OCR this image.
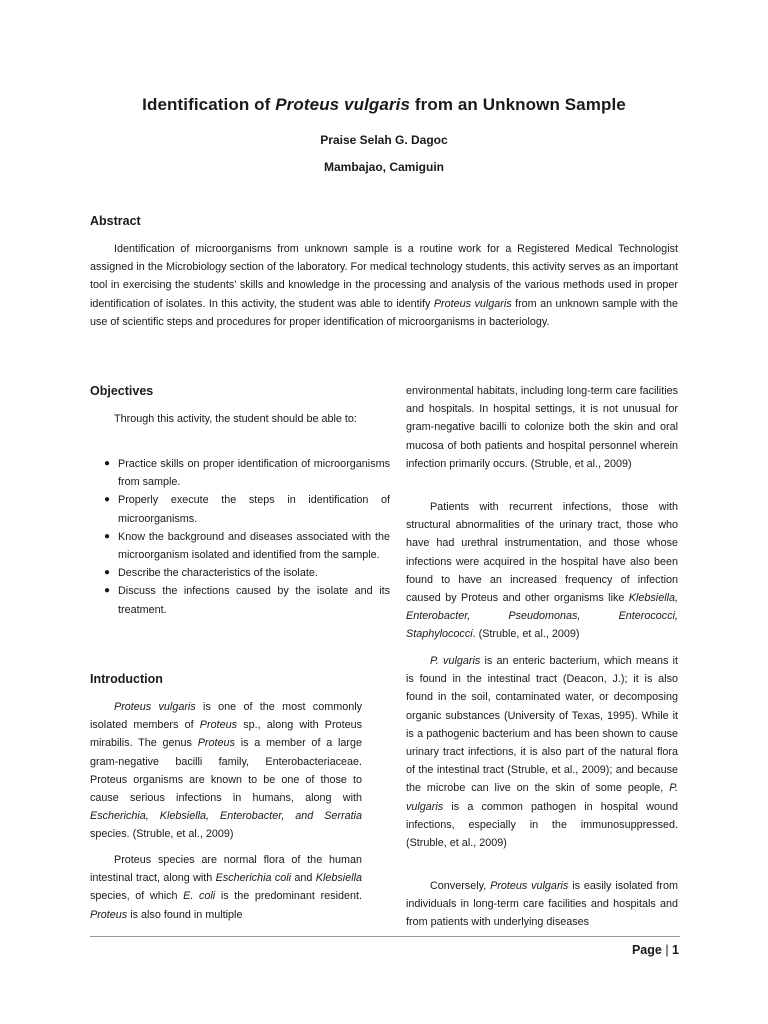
Identification of Proteus vulgaris from an Unknown Sample
Praise Selah G. Dagoc
Mambajao, Camiguin
Abstract

Identification of microorganisms from unknown sample is a routine work for a Registered Medical Technologist assigned in the Microbiology section of the laboratory. For medical technology students, this activity serves as an important tool in exercising the students’ skills and knowledge in the processing and analysis of the various methods used in proper identification of isolates. In this activity, the student was able to identify Proteus vulgaris from an unknown sample with the use of scientific steps and procedures for proper identification of microorganisms in bacteriology.

Objectives

Through this activity, the student should be able to:

● Practice skills on proper identification of microorganisms from sample.
● Properly execute the steps in identification of microorganisms.
● Know the background and diseases associated with the microorganism isolated and identified from the sample.
● Describe the characteristics of the isolate.
● Discuss the infections caused by the isolate and its treatment.
Introduction

Proteus vulgaris is one of the most commonly isolated members of Proteus sp., along with Proteus mirabilis. The genus Proteus is a member of a large gram-negative bacilli family, Enterobacteriaceae. Proteus organisms are known to be one of those to cause serious infections in humans, along with Escherichia, Klebsiella, Enterobacter, and Serratia species. (Struble, et al., 2009)

Proteus species are normal flora of the human intestinal tract, along with Escherichia coli and Klebsiella species, of which E. coli is the predominant resident. Proteus is also found in multiple

environmental habitats, including long-term care facilities and hospitals. In hospital settings, it is not unusual for gram-negative bacilli to colonize both the skin and oral mucosa of both patients and hospital personnel wherein infection primarily occurs. (Struble, et al., 2009)

Patients with recurrent infections, those with structural abnormalities of the urinary tract, those who have had urethral instrumentation, and those whose infections were acquired in the hospital have also been found to have an increased frequency of infection caused by Proteus and other organisms like Klebsiella, Enterobacter, Pseudomonas, Enterococci, Staphylococci. (Struble, et al., 2009)

P. vulgaris is an enteric bacterium, which means it is found in the intestinal tract (Deacon, J.); it is also found in the soil, contaminated water, or decomposing organic substances (University of Texas, 1995). While it is a pathogenic bacterium and has been shown to cause urinary tract infections, it is also part of the natural flora of the intestinal tract (Struble, et al., 2009); and because the microbe can live on the skin of some people, P. vulgaris is a common pathogen in hospital wound infections, especially in the immunosuppressed. (Struble, et al., 2009)

Conversely, Proteus vulgaris is easily isolated from individuals in long-term care facilities and hospitals and from patients with underlying diseases

Page | 1
